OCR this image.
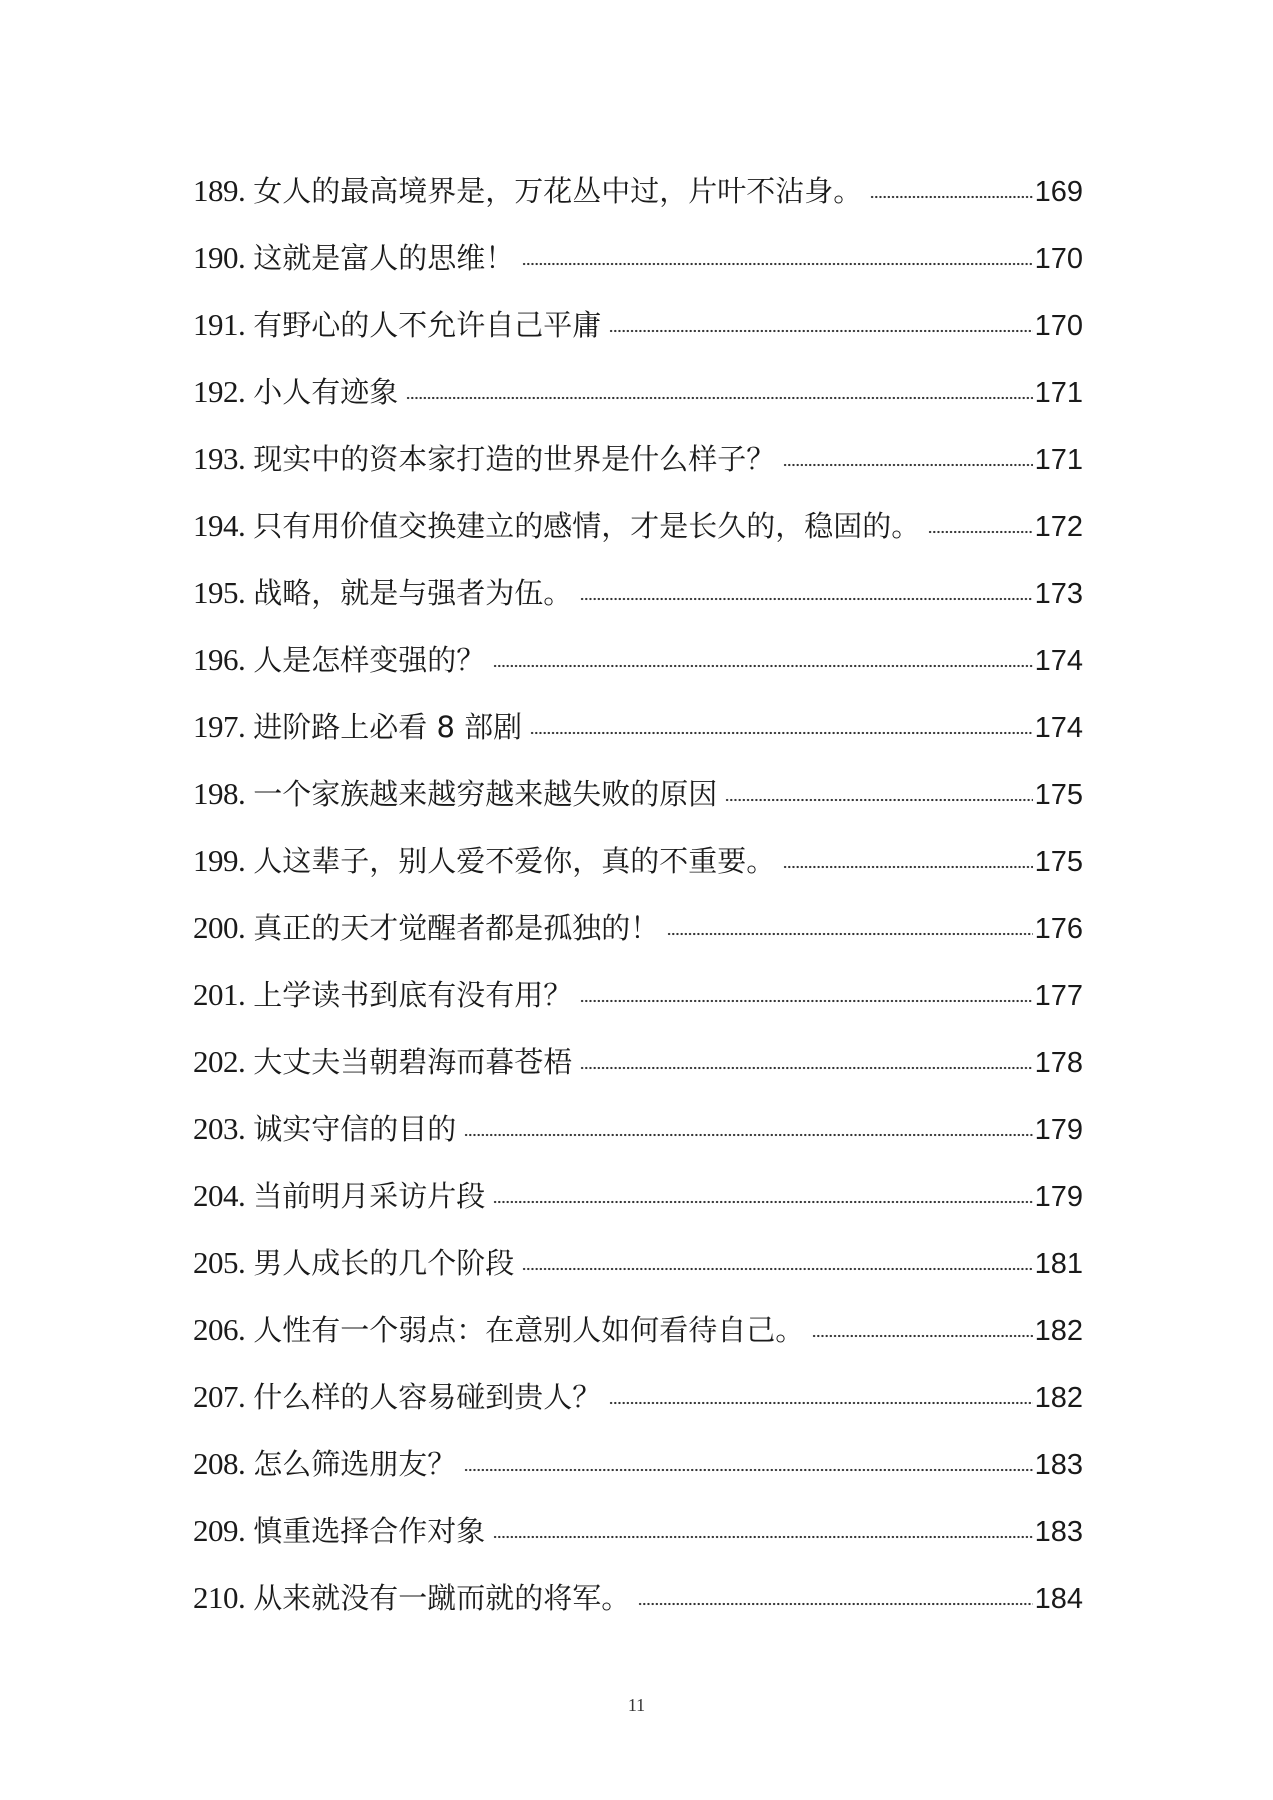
189. 女人的最高境界是，万花丛中过，片叶不沾身。	169
190. 这就是富人的思维！	170
191. 有野心的人不允许自己平庸	170
192. 小人有迹象	171
193. 现实中的资本家打造的世界是什么样子？	171
194. 只有用价值交换建立的感情，才是长久的，稳固的。	172
195. 战略，就是与强者为伍。	173
196. 人是怎样变强的？	174
197. 进阶路上必看 8 部剧	174
198. 一个家族越来越穷越来越失败的原因	175
199. 人这辈子，别人爱不爱你，真的不重要。	175
200. 真正的天才觉醒者都是孤独的！	176
201. 上学读书到底有没有用？	177
202. 大丈夫当朝碧海而暮苍梧	178
203. 诚实守信的目的	179
204. 当前明月采访片段	179
205. 男人成长的几个阶段	181
206. 人性有一个弱点：在意别人如何看待自己。	182
207. 什么样的人容易碰到贵人？	182
208. 怎么筛选朋友？	183
209. 慎重选择合作对象	183
210. 从来就没有一蹴而就的将军。	184
11
